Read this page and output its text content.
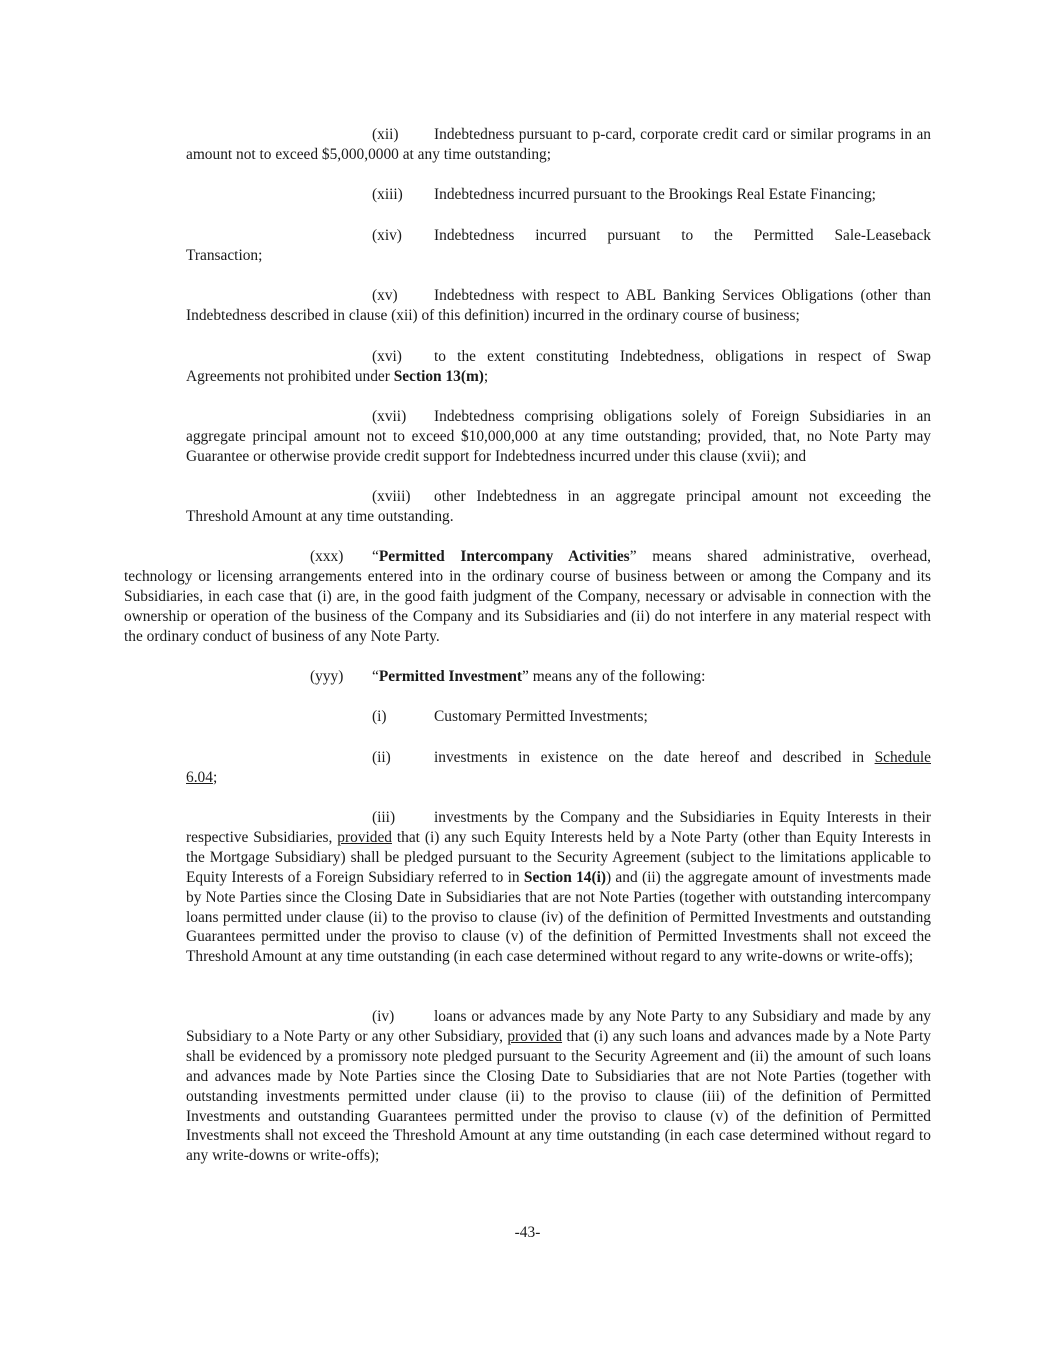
(xii) Indebtedness pursuant to p-card, corporate credit card or similar programs in an amount not to exceed $5,000,0000 at any time outstanding;
(xiii) Indebtedness incurred pursuant to the Brookings Real Estate Financing;
(xiv) Indebtedness incurred pursuant to the Permitted Sale-Leaseback
Transaction;
(xv) Indebtedness with respect to ABL Banking Services Obligations (other than Indebtedness described in clause (xii) of this definition) incurred in the ordinary course of business;
(xvi) to the extent constituting Indebtedness, obligations in respect of Swap Agreements not prohibited under Section 13(m);
(xvii) Indebtedness comprising obligations solely of Foreign Subsidiaries in an aggregate principal amount not to exceed $10,000,000 at any time outstanding; provided, that, no Note Party may Guarantee or otherwise provide credit support for Indebtedness incurred under this clause (xvii); and
(xviii) other Indebtedness in an aggregate principal amount not exceeding the Threshold Amount at any time outstanding.
(xxx) “Permitted Intercompany Activities” means shared administrative, overhead, technology or licensing arrangements entered into in the ordinary course of business between or among the Company and its Subsidiaries, in each case that (i) are, in the good faith judgment of the Company, necessary or advisable in connection with the ownership or operation of the business of the Company and its Subsidiaries and (ii) do not interfere in any material respect with the ordinary conduct of business of any Note Party.
(yyy) “Permitted Investment” means any of the following:
(i)	Customary Permitted Investments;
(ii)	investments in existence on the date hereof and described in Schedule
6.04;
(iii)	investments by the Company and the Subsidiaries in Equity Interests in their respective Subsidiaries, provided that (i) any such Equity Interests held by a Note Party (other than Equity Interests in the Mortgage Subsidiary) shall be pledged pursuant to the Security Agreement (subject to the limitations applicable to Equity Interests of a Foreign Subsidiary referred to in Section 14(i)) and (ii) the aggregate amount of investments made by Note Parties since the Closing Date in Subsidiaries that are not Note Parties (together with outstanding intercompany loans permitted under clause (ii) to the proviso to clause (iv) of the definition of Permitted Investments and outstanding Guarantees permitted under the proviso to clause (v) of the definition of Permitted Investments shall not exceed the Threshold Amount at any time outstanding (in each case determined without regard to any write-downs or write-offs);
(iv)	loans or advances made by any Note Party to any Subsidiary and made by any Subsidiary to a Note Party or any other Subsidiary, provided that (i) any such loans and advances made by a Note Party shall be evidenced by a promissory note pledged pursuant to the Security Agreement and (ii) the amount of such loans and advances made by Note Parties since the Closing Date to Subsidiaries that are not Note Parties (together with outstanding investments permitted under clause (ii) to the proviso to clause (iii) of the definition of Permitted Investments and outstanding Guarantees permitted under the proviso to clause (v) of the definition of Permitted Investments shall not exceed the Threshold Amount at any time outstanding (in each case determined without regard to any write-downs or write-offs);
-43-
